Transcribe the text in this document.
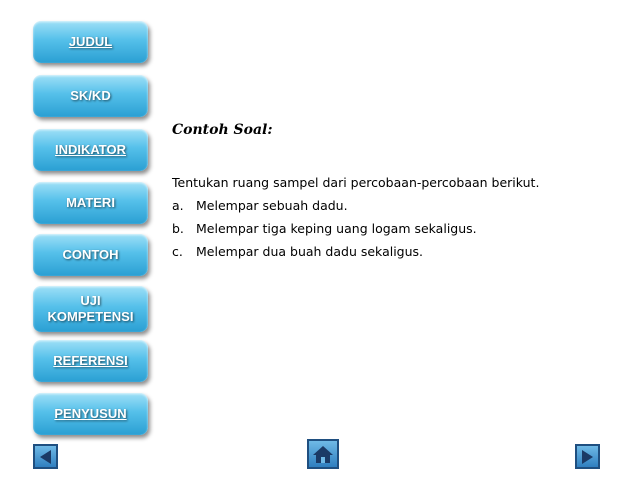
JUDUL
SK/KD
INDIKATOR
MATERI
CONTOH
UJI
KOMPETENSI
REFERENSI
PENYUSUN
Contoh Soal:
Tentukan ruang sampel dari percobaan-percobaan berikut.
a. Melempar sebuah dadu.
b. Melempar tiga keping uang logam sekaligus.
c. Melempar dua buah dadu sekaligus.
